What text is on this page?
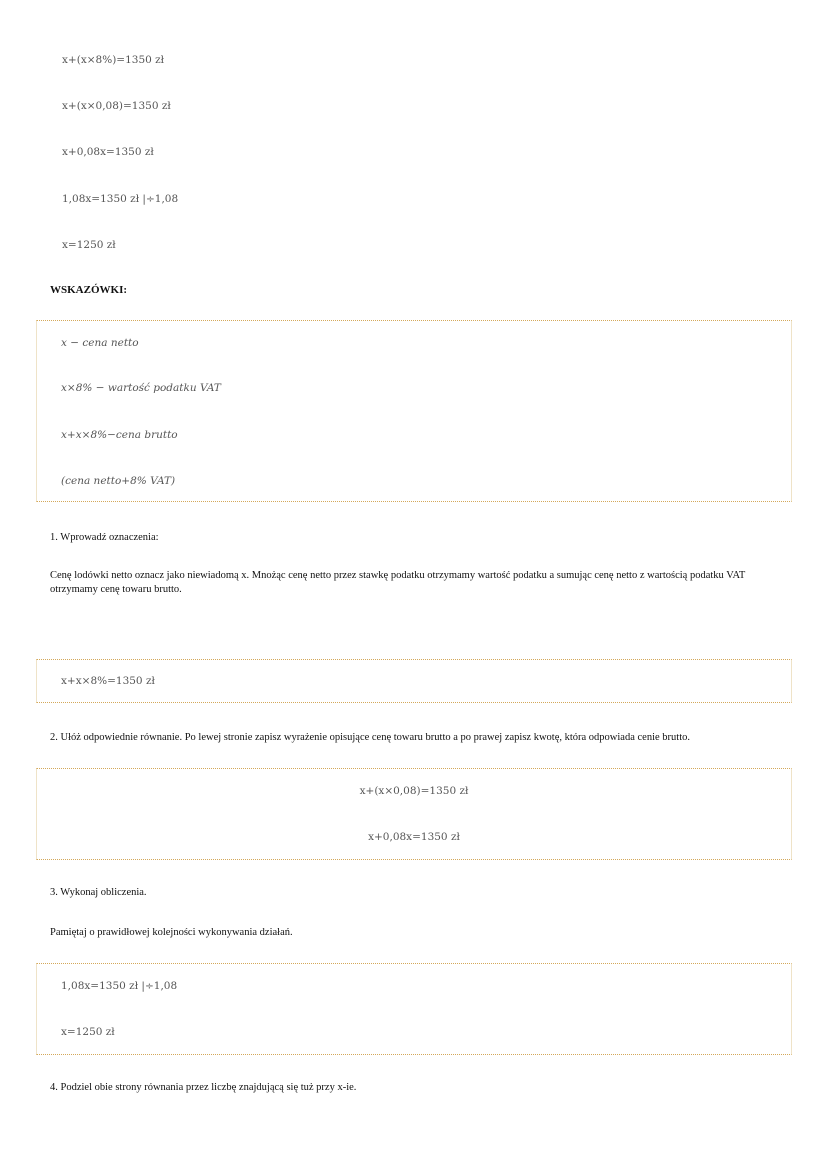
x+(x×8%)=1350 zł
x+(x×0,08)=1350 zł
x+0,08x=1350 zł
1,08x=1350 zł |÷1,08
x=1250 zł
WSKAZÓWKI:
x − cena netto
x×8% − wartość podatku VAT
x+x×8%−cena brutto
(cena netto+8% VAT)
1. Wprowadź oznaczenia:
Cenę lodówki netto oznacz jako niewiadomą x. Mnożąc cenę netto przez stawkę podatku otrzymamy wartość podatku a sumując cenę netto z wartością podatku VAT otrzymamy cenę towaru brutto.
x+x×8%=1350 zł
2. Ułóż odpowiednie równanie. Po lewej stronie zapisz wyrażenie opisujące cenę towaru brutto a po prawej zapisz kwotę, która odpowiada cenie brutto.
x+(x×0,08)=1350 zł
x+0,08x=1350 zł
3. Wykonaj obliczenia.
Pamiętaj o prawidłowej kolejności wykonywania działań.
1,08x=1350 zł |÷1,08
x=1250 zł
4. Podziel obie strony równania przez liczbę znajdującą się tuż przy x-ie.
